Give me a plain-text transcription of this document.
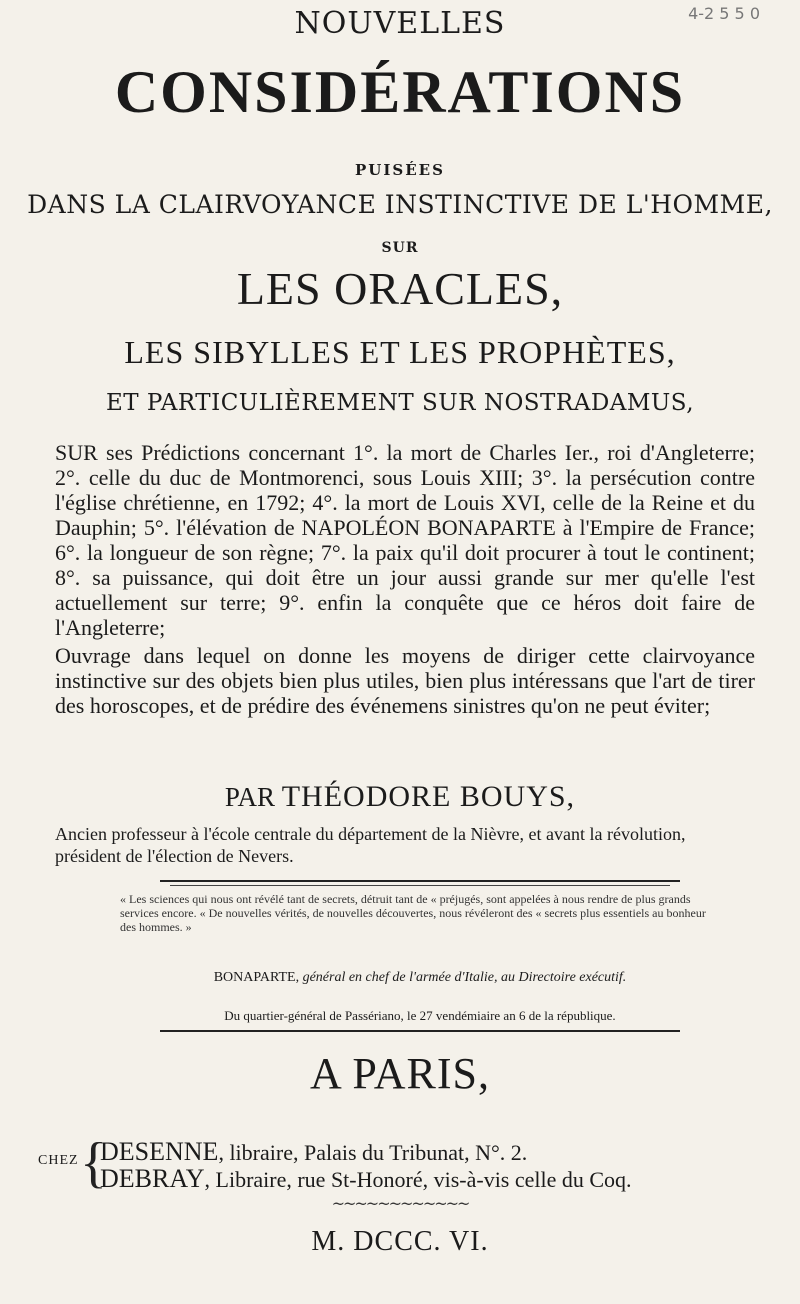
4-2 5 5 0
NOUVELLES
CONSIDÉRATIONS
PUISÉES
DANS LA CLAIRVOYANCE INSTINCTIVE DE L'HOMME,
SUR
LES ORACLES,
LES SIBYLLES ET LES PROPHÈTES,
ET PARTICULIÈREMENT SUR NOSTRADAMUS,
SUR ses Prédictions concernant 1°. la mort de Charles Ier., roi d'Angleterre; 2°. celle du duc de Montmorenci, sous Louis XIII; 3°. la persécution contre l'église chrétienne, en 1792; 4°. la mort de Louis XVI, celle de la Reine et du Dauphin; 5°. l'élévation de NAPOLÉON BONAPARTE à l'Empire de France; 6°. la longueur de son règne; 7°. la paix qu'il doit procurer à tout le continent; 8°. sa puissance, qui doit être un jour aussi grande sur mer qu'elle l'est actuellement sur terre; 9°. enfin la conquête que ce héros doit faire de l'Angleterre;
Ouvrage dans lequel on donne les moyens de diriger cette clairvoyance instinctive sur des objets bien plus utiles, bien plus intéressans que l'art de tirer des horoscopes, et de prédire des événemens sinistres qu'on ne peut éviter;
PAR THÉODORE BOUYS,
Ancien professeur à l'école centrale du département de la Nièvre, et avant la révolution, président de l'élection de Nevers.
« Les sciences qui nous ont révélé tant de secrets, détruit tant de « préjugés, sont appelées à nous rendre de plus grands services encore. « De nouvelles vérités, de nouvelles découvertes, nous révéleront des « secrets plus essentiels au bonheur des hommes. »
BONAPARTE, général en chef de l'armée d'Italie, au Directoire exécutif.
Du quartier-général de Passériano, le 27 vendémiaire an 6 de la république.
A PARIS,
CHEZ {
DESENNE, libraire, Palais du Tribunat, N°. 2.
DEBRAY, Libraire, rue St-Honoré, vis-à-vis celle du Coq.
~~~~~~~~~~~~
M. DCCC. VI.
